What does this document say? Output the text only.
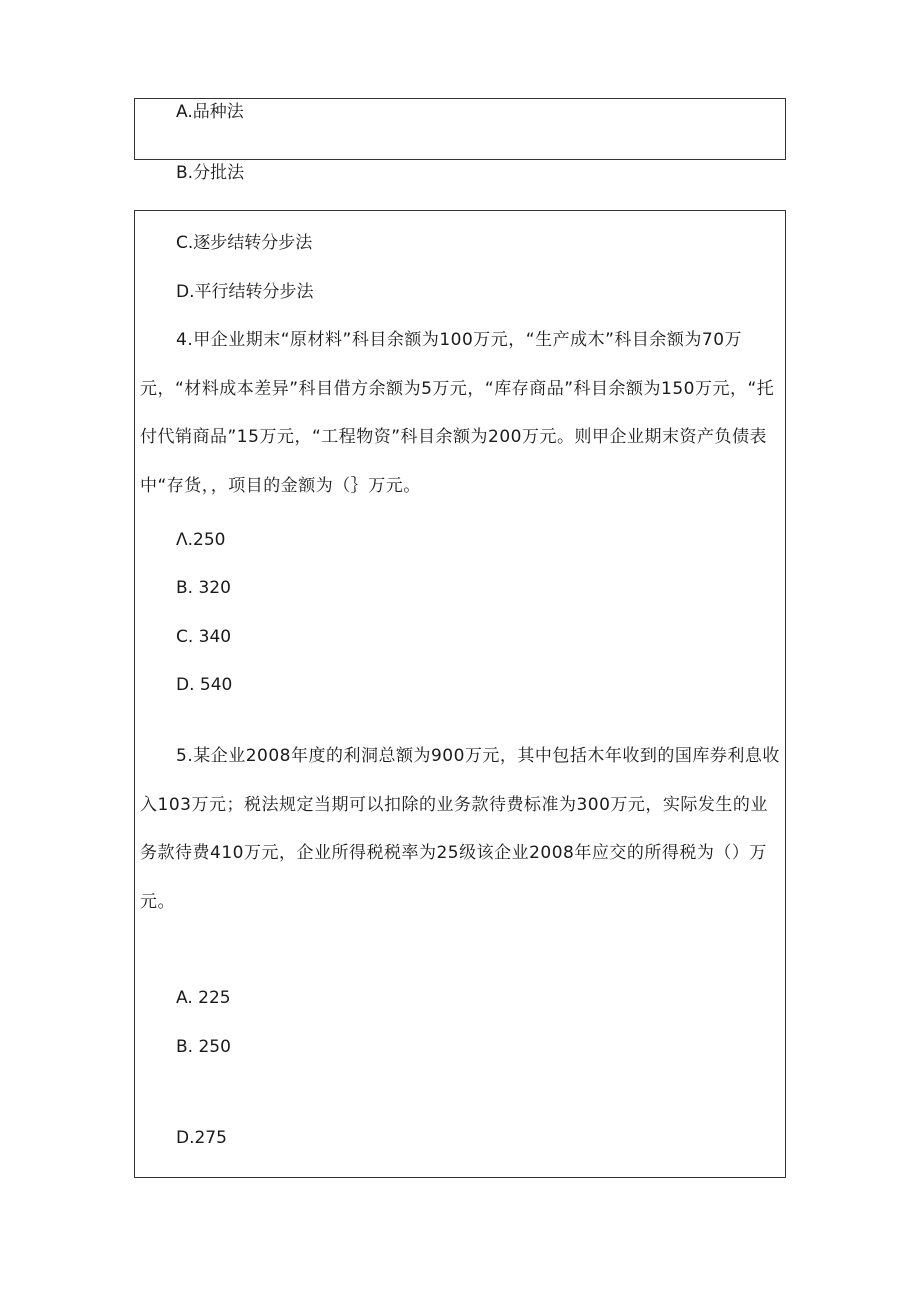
A.品种法
B.分批法
C.逐步结转分步法
D.平行结转分步法
4.甲企业期末“原材料”科目余额为100万元，“生产成木”科目余额为70万元，“材料成本差异”科目借方余额为5万元，“库存商品”科目余额为150万元，“托付代销商品”15万元，“工程物资”科目余额为200万元。则甲企业期末资产负债表中“存货，，项目的金额为（｝万元。
Λ.250
B. 320
C. 340
D. 540
5.某企业2008年度的利洞总额为900万元，其中包括木年收到的国库券利息收入103万元；税法规定当期可以扣除的业务款待费标准为300万元，实际发生的业务款待费410万元，企业所得税税率为25级该企业2008年应交的所得税为（）万元。
A. 225
B. 250
D.275
